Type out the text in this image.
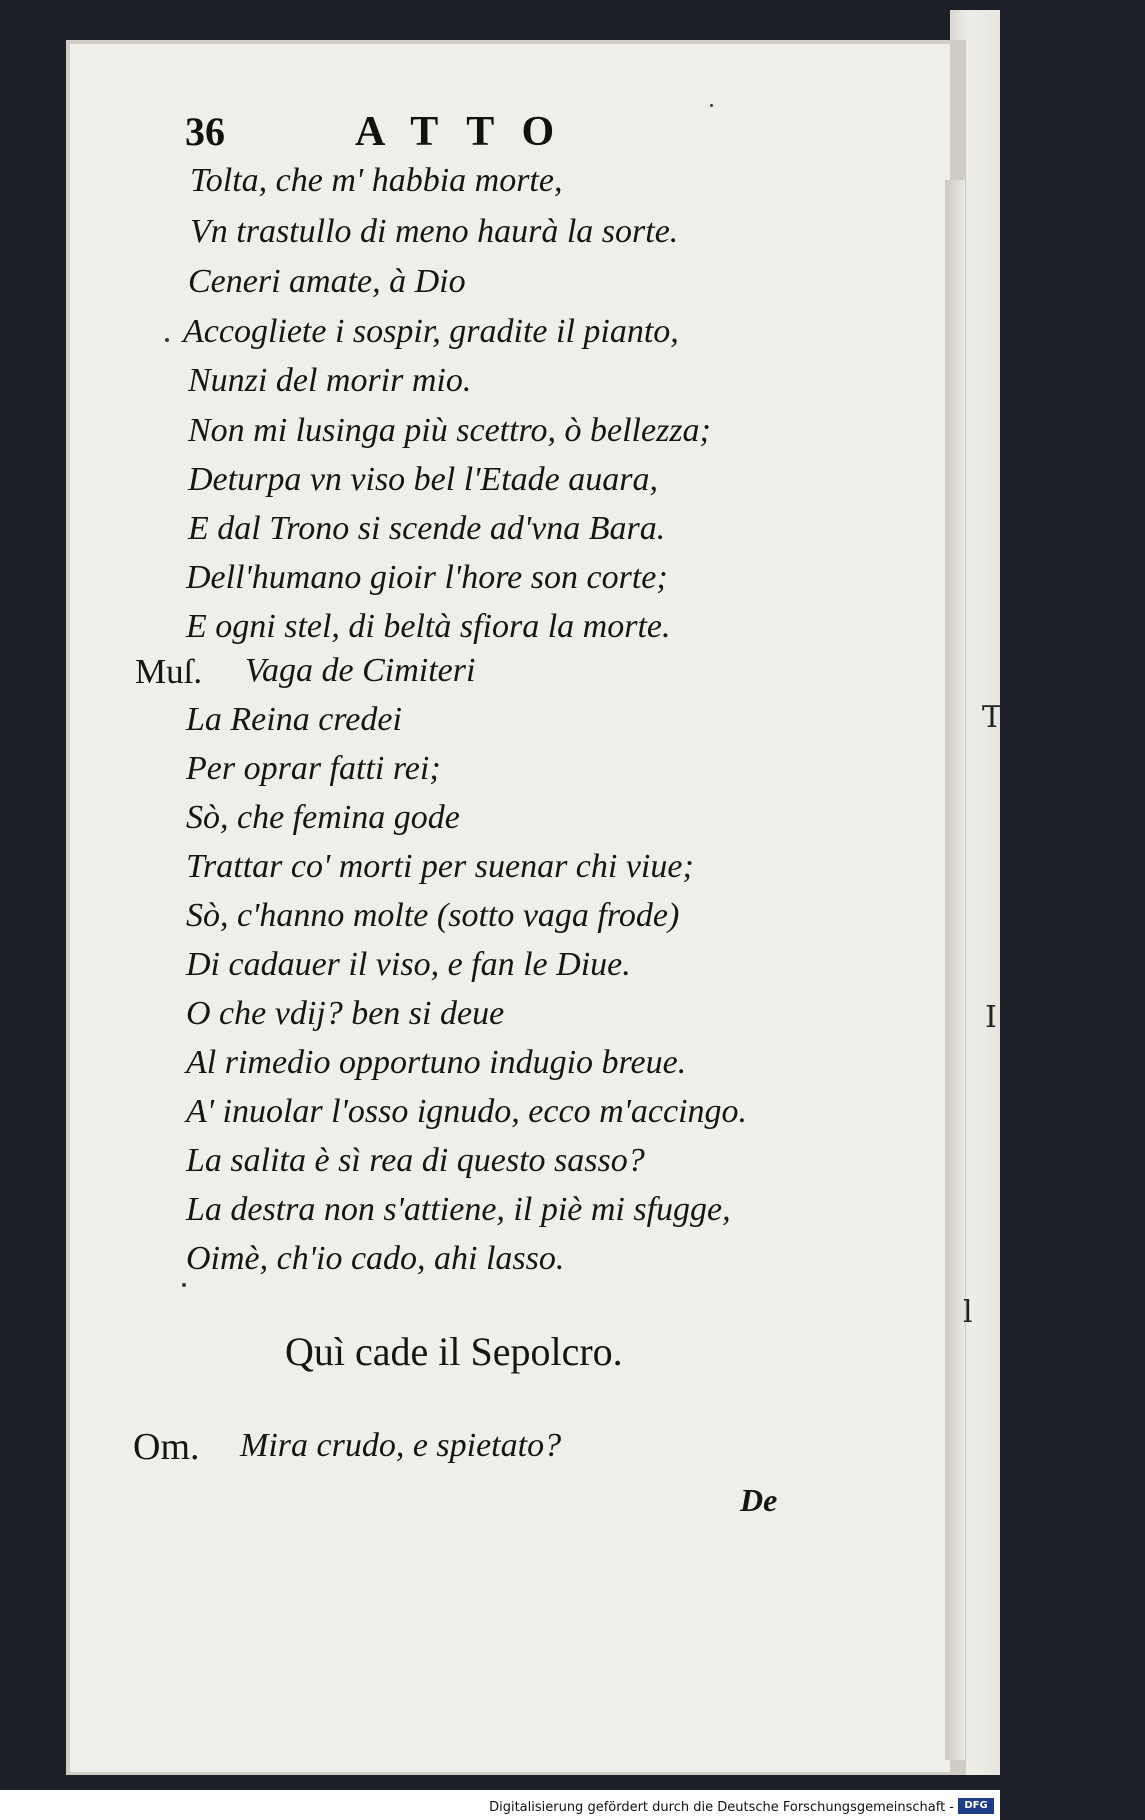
T
I
l
36	ATTO
Tolta, che m' habbia morte,
Vn trastullo di meno haurà la sorte.
Ceneri amate, à Dio
Accogliete i sospir, gradite il pianto,
Nunzi del morir mio.
Non mi lusinga più scettro, ò bellezza;
Deturpa vn viso bel l'Etade auara,
E dal Trono si scende ad'vna Bara.
Dell'humano gioir l'hore son corte;
E ogni stel, di beltà sfiora la morte.
Muſ. Vaga de Cimiteri
La Reina credei
Per oprar fatti rei;
Sò, che femina gode
Trattar co' morti per suenar chi viue;
Sò, c'hanno molte (sotto vaga frode)
Di cadauer il viso, e fan le Diue.
O che vdij? ben si deue
Al rimedio opportuno indugio breue.
A' inuolar l'osso ignudo, ecco m'accingo.
La salita è sì rea di questo sasso?
La destra non s'attiene, il piè mi sfugge,
Oimè, ch'io cado, ahi lasso.
Quì cade il Sepolcro.
Om. Mira crudo, e spietato?
De
Digitalisierung gefördert durch die Deutsche Forschungsgemeinschaft -	DFG
